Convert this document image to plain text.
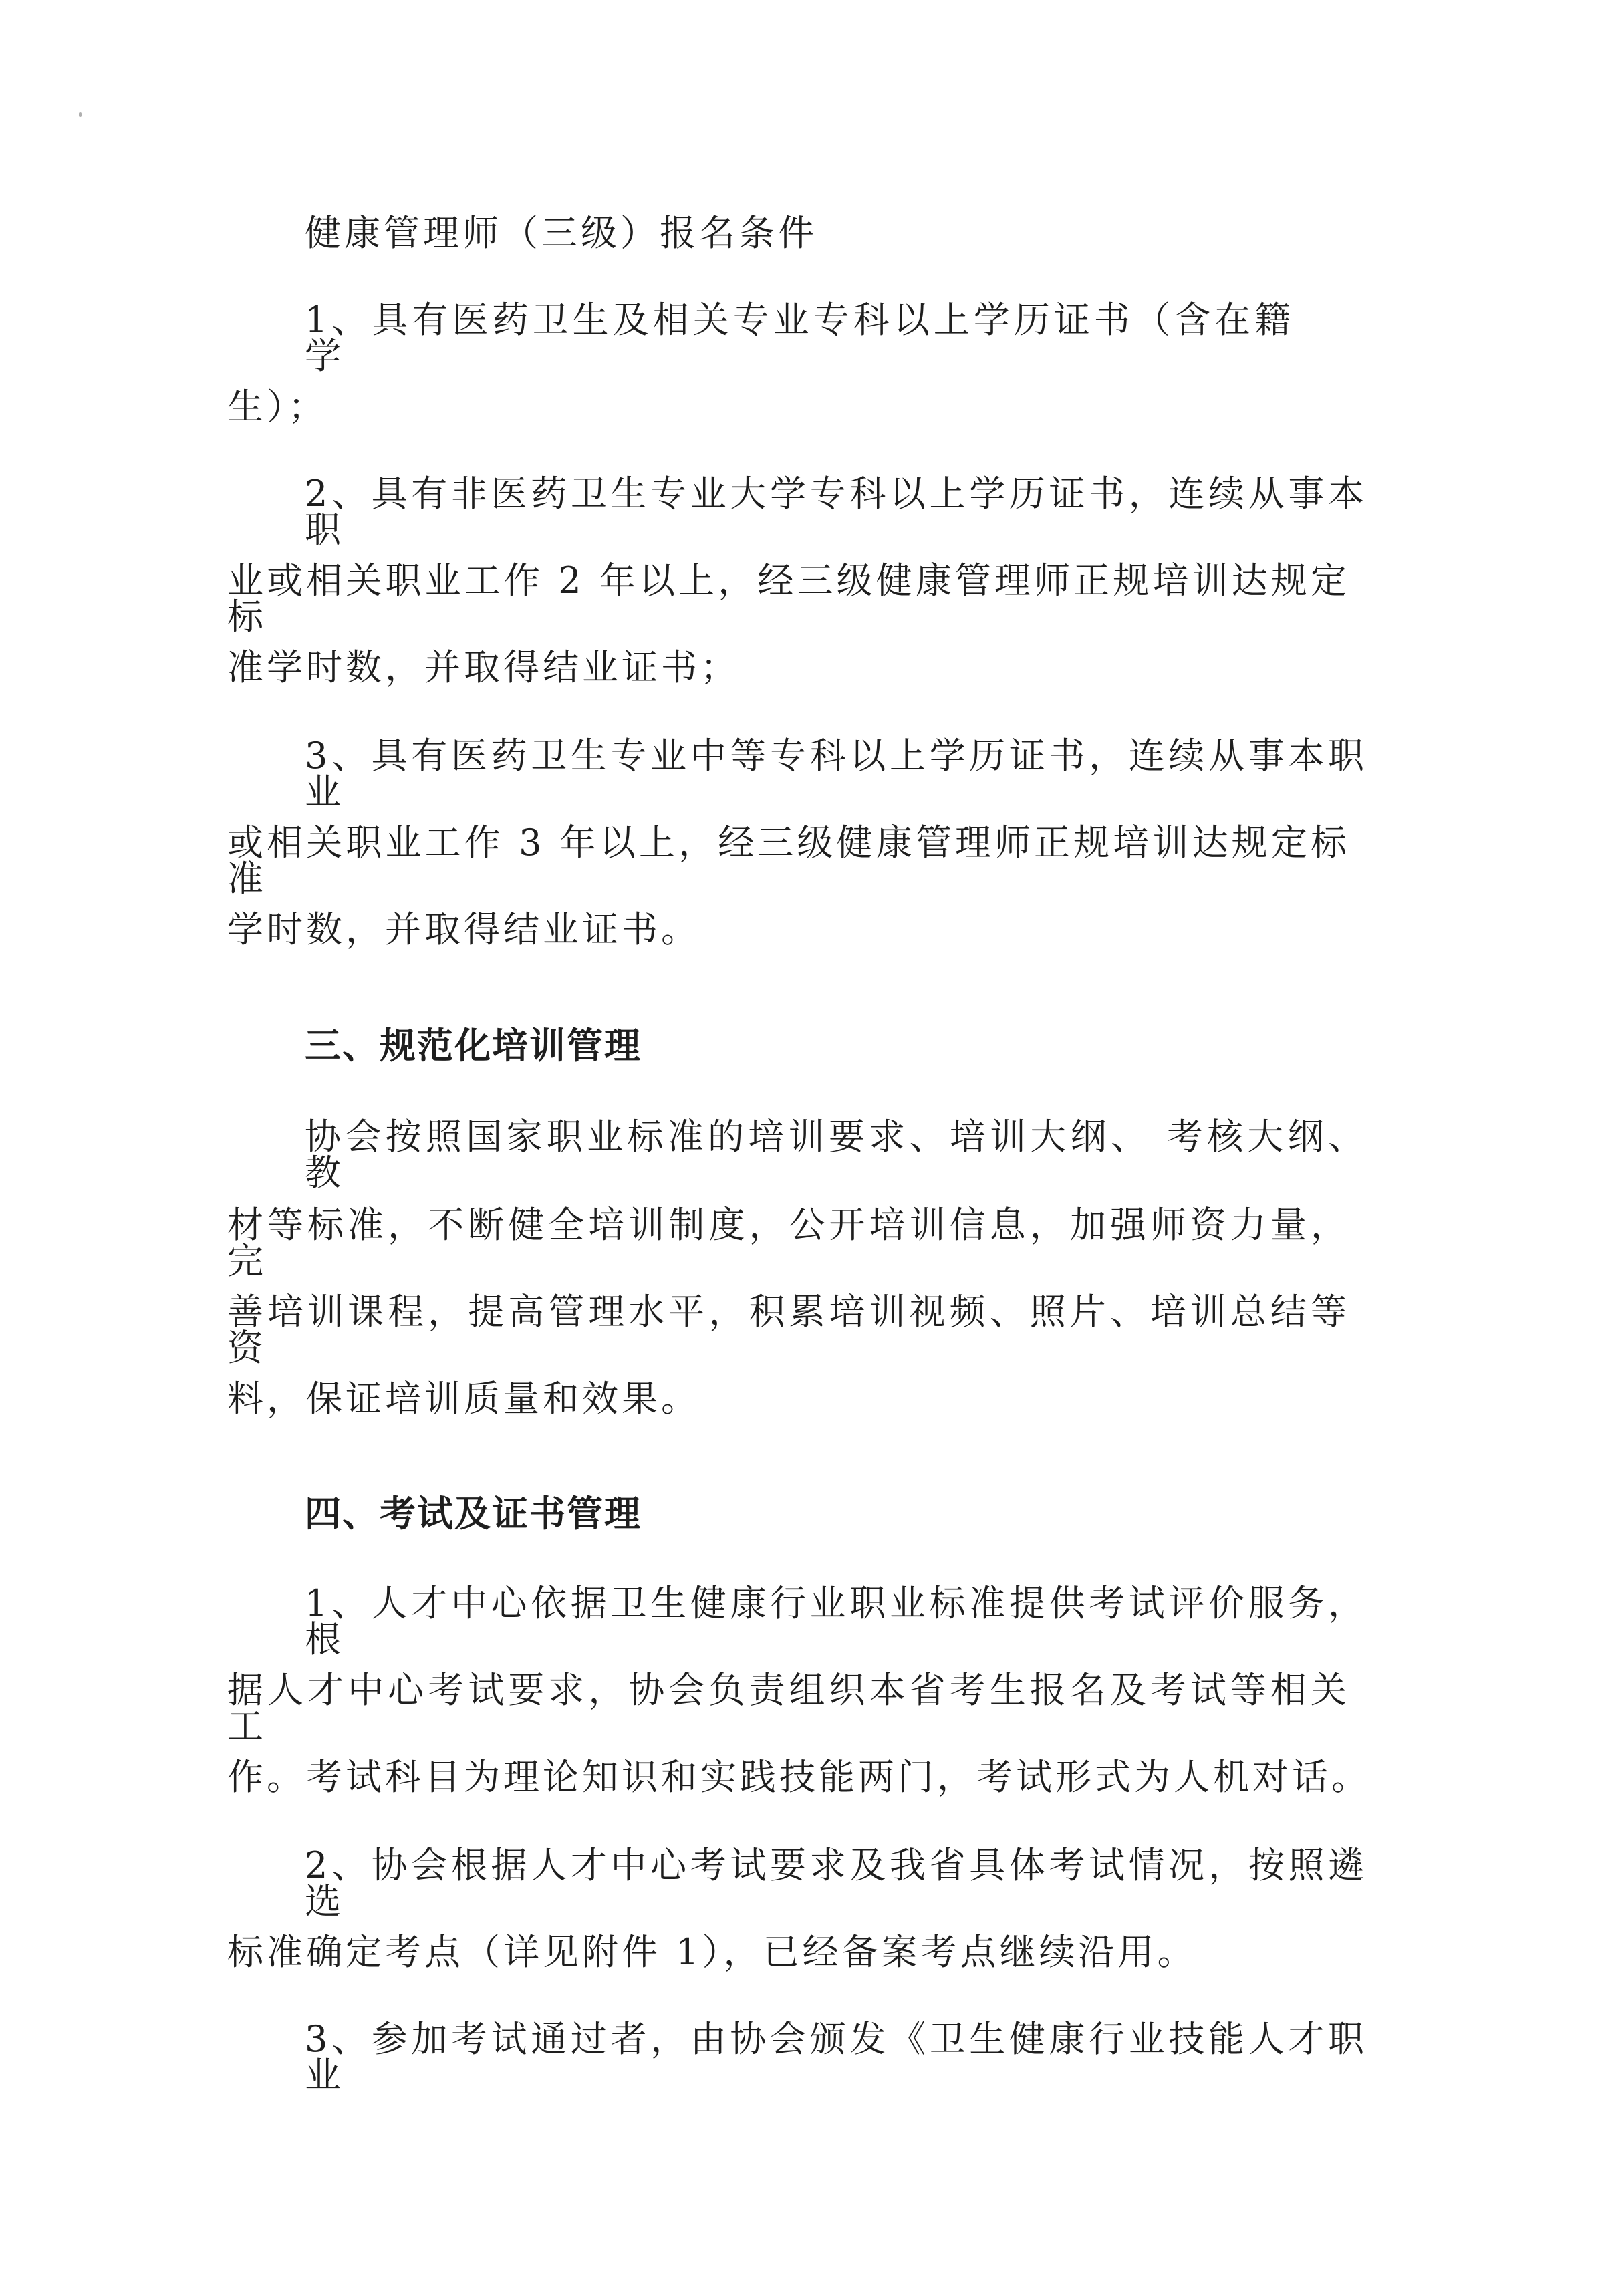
健康管理师（三级）报名条件
1、具有医药卫生及相关专业专科以上学历证书（含在籍学
生）；
2、具有非医药卫生专业大学专科以上学历证书，连续从事本职
业或相关职业工作 2 年以上，经三级健康管理师正规培训达规定标
准学时数，并取得结业证书；
3、具有医药卫生专业中等专科以上学历证书，连续从事本职业
或相关职业工作 3 年以上，经三级健康管理师正规培训达规定标准
学时数，并取得结业证书。
三、规范化培训管理
协会按照国家职业标准的培训要求、培训大纲、 考核大纲、教
材等标准，不断健全培训制度，公开培训信息，加强师资力量，完
善培训课程，提高管理水平，积累培训视频、照片、培训总结等资
料，保证培训质量和效果。
四、考试及证书管理
1、人才中心依据卫生健康行业职业标准提供考试评价服务，根
据人才中心考试要求，协会负责组织本省考生报名及考试等相关工
作。考试科目为理论知识和实践技能两门，考试形式为人机对话。
2、协会根据人才中心考试要求及我省具体考试情况，按照遴选
标准确定考点（详见附件 1），已经备案考点继续沿用。
3、参加考试通过者，由协会颁发《卫生健康行业技能人才职业
